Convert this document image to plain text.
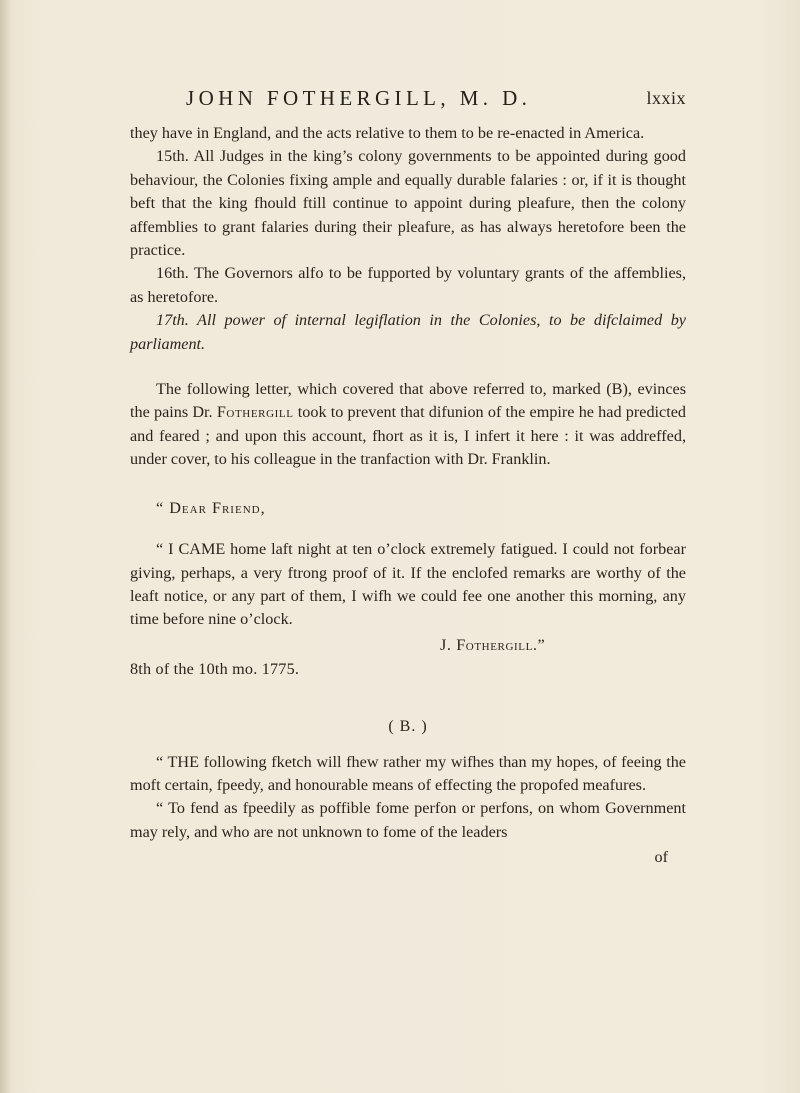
JOHN FOTHERGILL, M. D.	lxxix

they have in England, and the acts relative to them to be re-enacted in America.

15th. All Judges in the king’s colony governments to be appointed during good behaviour, the Colonies fixing ample and equally durable falaries : or, if it is thought beft that the king fhould ftill continue to appoint during pleafure, then the colony affemblies to grant falaries during their pleafure, as has always heretofore been the practice.

16th. The Governors alfo to be fupported by voluntary grants of the affemblies, as heretofore.

17th. All power of internal legiflation in the Colonies, to be difclaimed by parliament.

The following letter, which covered that above referred to, marked (B), evinces the pains Dr. Fothergill took to prevent that difunion of the empire he had predicted and feared ; and upon this account, fhort as it is, I infert it here : it was addreffed, under cover, to his colleague in the tranfaction with Dr. Franklin.

“ Dear Friend,

“ I CAME home laft night at ten o’clock extremely fatigued. I could not forbear giving, perhaps, a very ftrong proof of it. If the enclofed remarks are worthy of the leaft notice, or any part of them, I wifh we could fee one another this morning, any time before nine o’clock.

J. Fothergill.”

8th of the 10th mo. 1775.

( B. )

“ THE following fketch will fhew rather my wifhes than my hopes, of feeing the moft certain, fpeedy, and honourable means of effecting the propofed meafures.

“ To fend as fpeedily as poffible fome perfon or perfons, on whom Government may rely, and who are not unknown to fome of the leaders

of
